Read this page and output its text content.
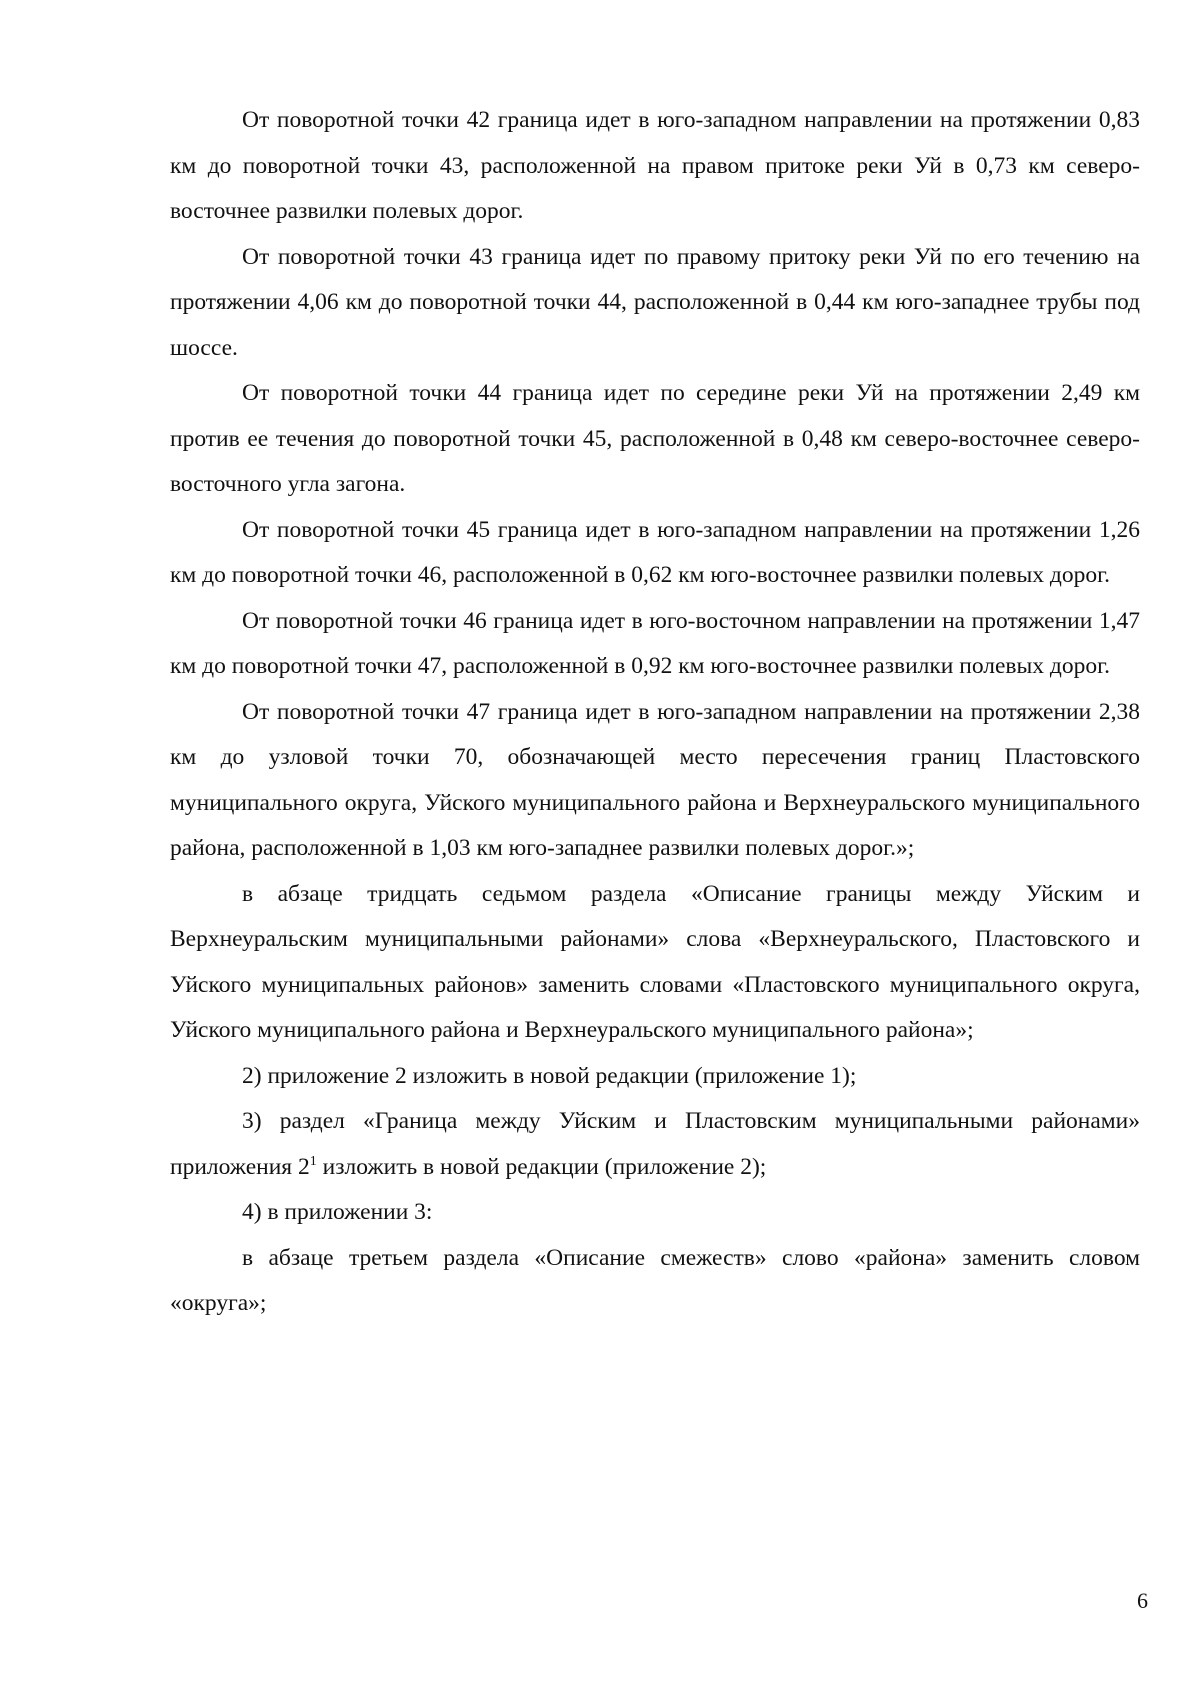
От поворотной точки 42 граница идет в юго-западном направлении на протяжении 0,83 км до поворотной точки 43, расположенной на правом притоке реки Уй в 0,73 км северо-восточнее развилки полевых дорог.

От поворотной точки 43 граница идет по правому притоку реки Уй по его течению на протяжении 4,06 км до поворотной точки 44, расположенной в 0,44 км юго-западнее трубы под шоссе.

От поворотной точки 44 граница идет по середине реки Уй на протяжении 2,49 км против ее течения до поворотной точки 45, расположенной в 0,48 км северо-восточнее северо-восточного угла загона.

От поворотной точки 45 граница идет в юго-западном направлении на протяжении 1,26 км до поворотной точки 46, расположенной в 0,62 км юго-восточнее развилки полевых дорог.

От поворотной точки 46 граница идет в юго-восточном направлении на протяжении 1,47 км до поворотной точки 47, расположенной в 0,92 км юго-восточнее развилки полевых дорог.

От поворотной точки 47 граница идет в юго-западном направлении на протяжении 2,38 км до узловой точки 70, обозначающей место пересечения границ Пластовского муниципального округа, Уйского муниципального района и Верхнеуральского муниципального района, расположенной в 1,03 км юго-западнее развилки полевых дорог.»;

в абзаце тридцать седьмом раздела «Описание границы между Уйским и Верхнеуральским муниципальными районами» слова «Верхнеуральского, Пластовского и Уйского муниципальных районов» заменить словами «Пластовского муниципального округа, Уйского муниципального района и Верхнеуральского муниципального района»;

2) приложение 2 изложить в новой редакции (приложение 1);

3) раздел «Граница между Уйским и Пластовским муниципальными районами» приложения $2^1$ изложить в новой редакции (приложение 2);

4) в приложении 3:

в абзаце третьем раздела «Описание смежеств» слово «района» заменить словом «округа»;

6
